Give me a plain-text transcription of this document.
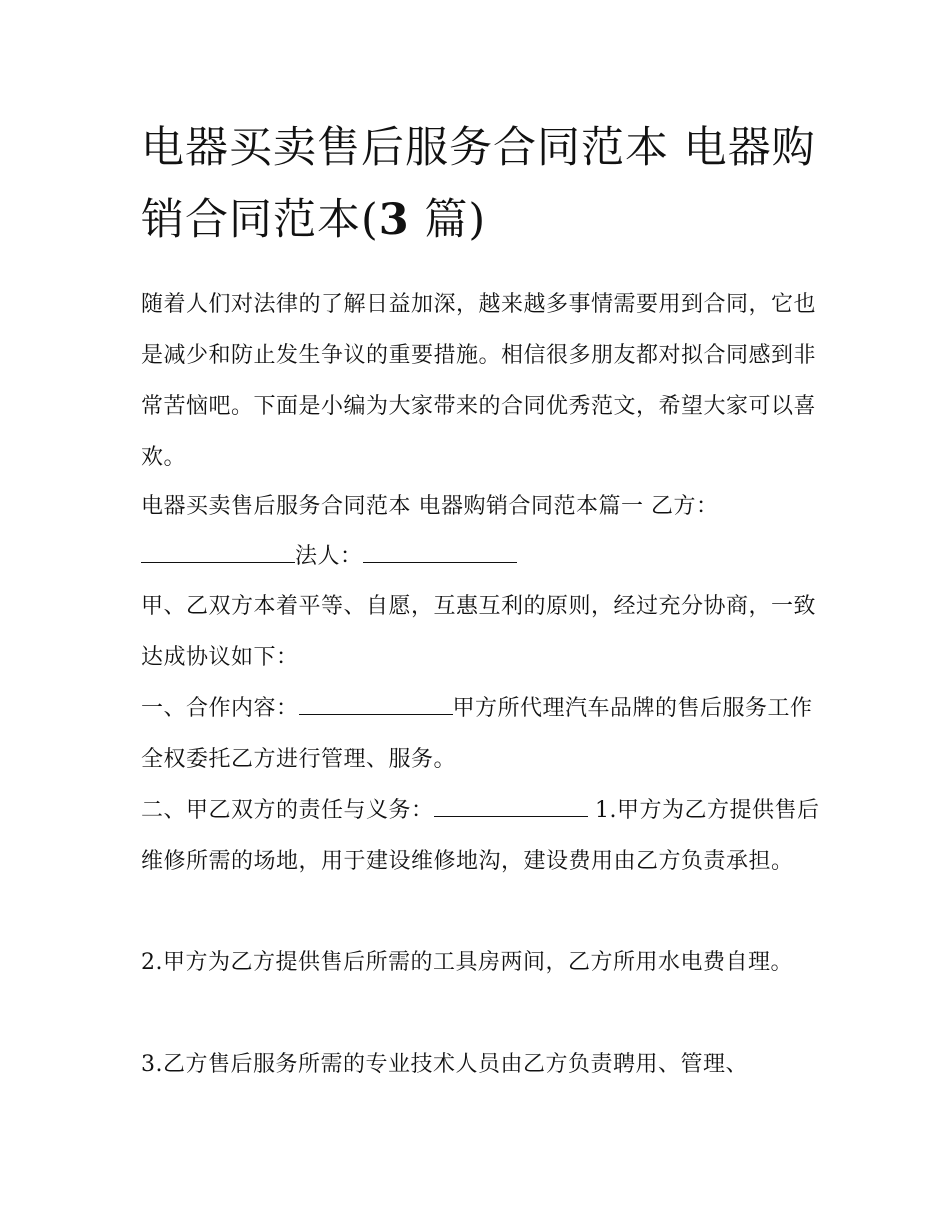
电器买卖售后服务合同范本 电器购销合同范本(3 篇)

随着人们对法律的了解日益加深，越来越多事情需要用到合同，它也是减少和防止发生争议的重要措施。相信很多朋友都对拟合同感到非常苦恼吧。下面是小编为大家带来的合同优秀范文，希望大家可以喜欢。

电器买卖售后服务合同范本 电器购销合同范本篇一 乙方：

法人：

甲、乙双方本着平等、自愿，互惠互利的原则，经过充分协商，一致达成协议如下：

一、合作内容：	甲方所代理汽车品牌的售后服务工作全权委托乙方进行管理、服务。

二、甲乙双方的责任与义务：	1.甲方为乙方提供售后维修所需的场地，用于建设维修地沟，建设费用由乙方负责承担。

2.甲方为乙方提供售后所需的工具房两间，乙方所用水电费自理。

3.乙方售后服务所需的专业技术人员由乙方负责聘用、管理、
